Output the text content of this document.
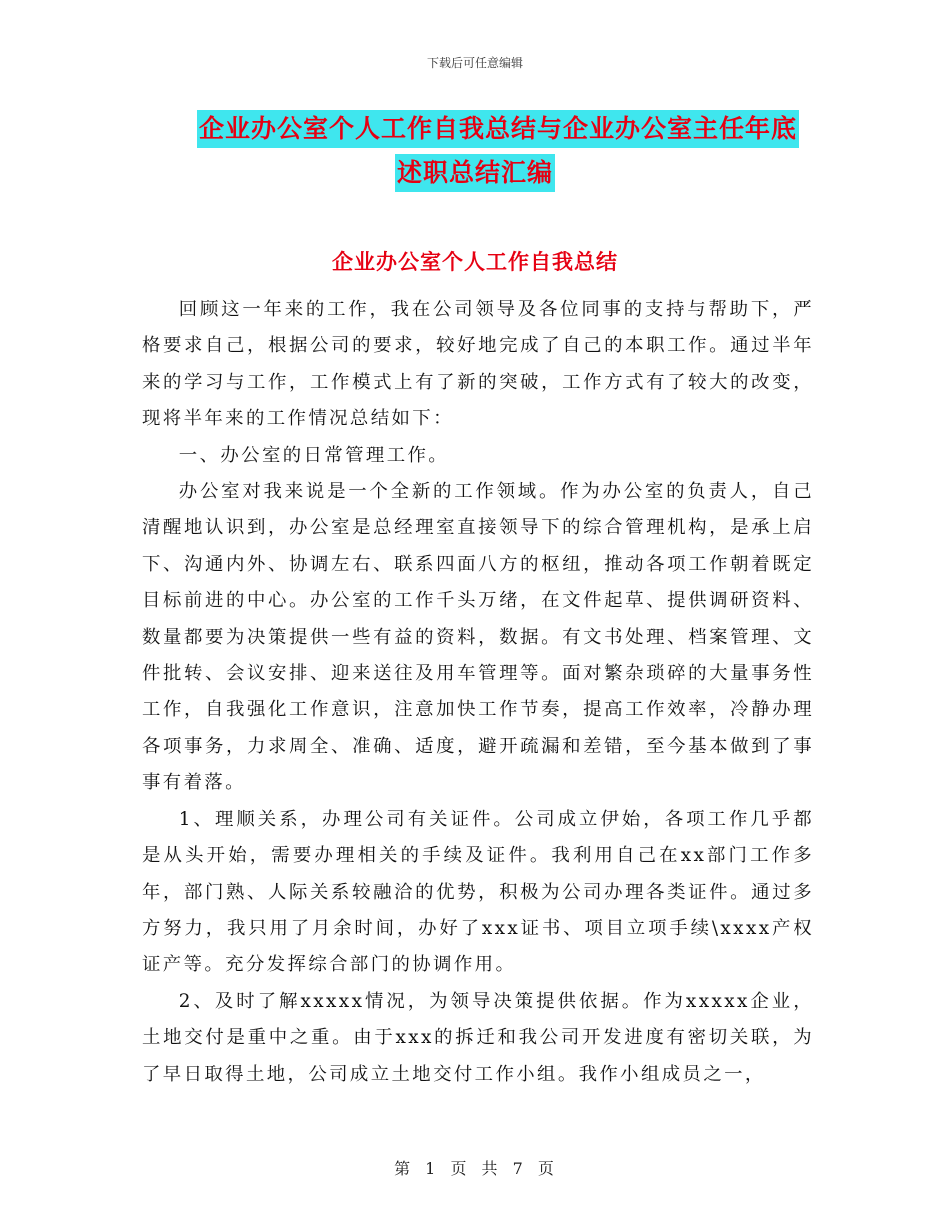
下载后可任意编辑
企业办公室个人工作自我总结与企业办公室主任年底
述职总结汇编
企业办公室个人工作自我总结

回顾这一年来的工作，我在公司领导及各位同事的支持与帮助下，严格要求自己，根据公司的要求，较好地完成了自己的本职工作。通过半年来的学习与工作，工作模式上有了新的突破，工作方式有了较大的改变，现将半年来的工作情况总结如下：

一、办公室的日常管理工作。

办公室对我来说是一个全新的工作领域。作为办公室的负责人，自己清醒地认识到，办公室是总经理室直接领导下的综合管理机构，是承上启下、沟通内外、协调左右、联系四面八方的枢纽，推动各项工作朝着既定目标前进的中心。办公室的工作千头万绪，在文件起草、提供调研资料、数量都要为决策提供一些有益的资料，数据。有文书处理、档案管理、文件批转、会议安排、迎来送往及用车管理等。面对繁杂琐碎的大量事务性工作，自我强化工作意识，注意加快工作节奏，提高工作效率，冷静办理各项事务，力求周全、准确、适度，避开疏漏和差错，至今基本做到了事事有着落。

1、理顺关系，办理公司有关证件。公司成立伊始，各项工作几乎都是从头开始，需要办理相关的手续及证件。我利用自己在xx部门工作多年，部门熟、人际关系较融洽的优势，积极为公司办理各类证件。通过多方努力，我只用了月余时间，办好了xxx证书、项目立项手续\xxxx产权证产等。充分发挥综合部门的协调作用。

2、及时了解xxxxx情况，为领导决策提供依据。作为xxxxx企业，土地交付是重中之重。由于xxx的拆迁和我公司开发进度有密切关联，为了早日取得土地，公司成立土地交付工作小组。我作小组成员之一，

第 1 页 共 7 页
